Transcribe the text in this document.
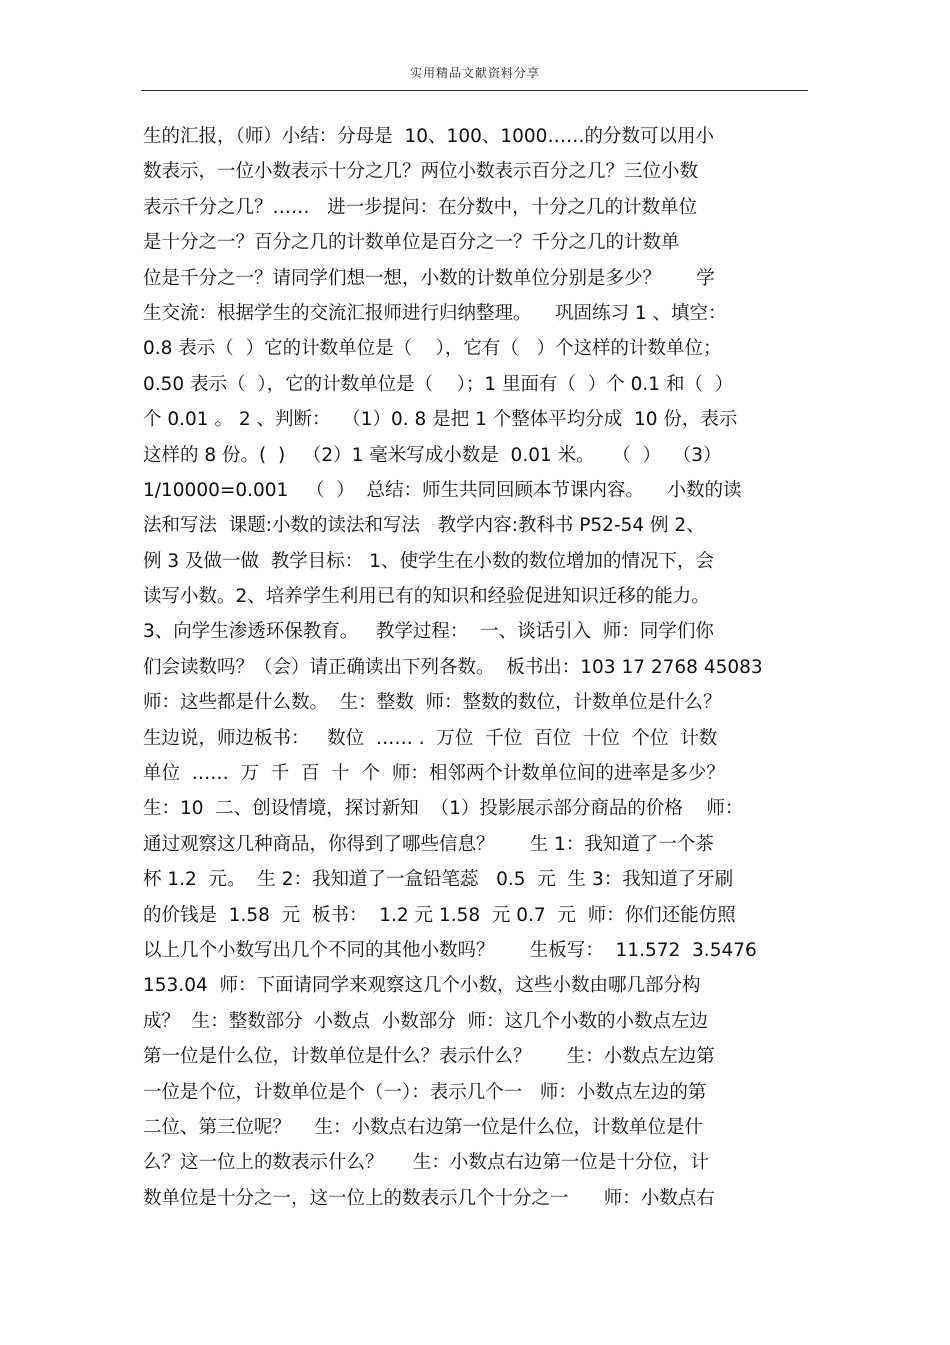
实用精品文献资料分享
生的汇报，（师）小结：分母是  10、100、1000……的分数可以用小
数表示，一位小数表示十分之几？两位小数表示百分之几？三位小数
表示千分之几？……   进一步提问：在分数中，十分之几的计数单位
是十分之一？百分之几的计数单位是百分之一？千分之几的计数单
位是千分之一？请同学们想一想，小数的计数单位分别是多少？      学
生交流：根据学生的交流汇报师进行归纳整理。    巩固练习 1 、填空：
0.8 表示（  ）它的计数单位是（    ），它有（   ）个这样的计数单位；
0.50 表示（  ），它的计数单位是（    ）；1 里面有（  ）个 0.1 和（  ）
个 0.01 。 2 、判断：  （1）0. 8 是把 1 个整体平均分成  10 份，表示
这样的 8 份。(  )   （2）1 毫米写成小数是  0.01 米。   （  ）  （3）
1/10000=0.001   （  ）  总结：师生共同回顾本节课内容。    小数的读
法和写法  课题:小数的读法和写法   教学内容:教科书 P52-54 例 2、
例 3 及做一做  教学目标： 1、使学生在小数的数位增加的情况下，会
读写小数。2、培养学生利用已有的知识和经验促进知识迁移的能力。
3、向学生渗透环保教育。   教学过程：  一、谈话引入  师：同学们你
们会读数吗？（会）请正确读出下列各数。  板书出：103 17 2768 45083
师：这些都是什么数。  生：整数  师：整数的数位，计数单位是什么？
生边说，师边板书：   数位  …… .  万位  千位  百位  十位  个位  计数
单位  ……  万  千  百  十  个  师：相邻两个计数单位间的进率是多少？
生：10  二、创设情境，探讨新知  （1）投影展示部分商品的价格    师：
通过观察这几种商品，你得到了哪些信息？      生 1：我知道了一个茶
杯 1.2  元。  生 2：我知道了一盒铅笔蕊   0.5  元  生 3：我知道了牙刷
的价钱是  1.58  元  板书：  1.2 元 1.58  元 0.7  元  师：你们还能仿照
以上几个小数写出几个不同的其他小数吗？      生板写：  11.572  3.5476
153.04  师：下面请同学来观察这几个小数，这些小数由哪几部分构
成？  生：整数部分  小数点  小数部分  师：这几个小数的小数点左边
第一位是什么位，计数单位是什么？表示什么？      生：小数点左边第
一位是个位，计数单位是个（一）：表示几个一   师：小数点左边的第
二位、第三位呢？    生：小数点右边第一位是什么位，计数单位是什
么？这一位上的数表示什么？     生：小数点右边第一位是十分位，计
数单位是十分之一，这一位上的数表示几个十分之一      师：小数点右
